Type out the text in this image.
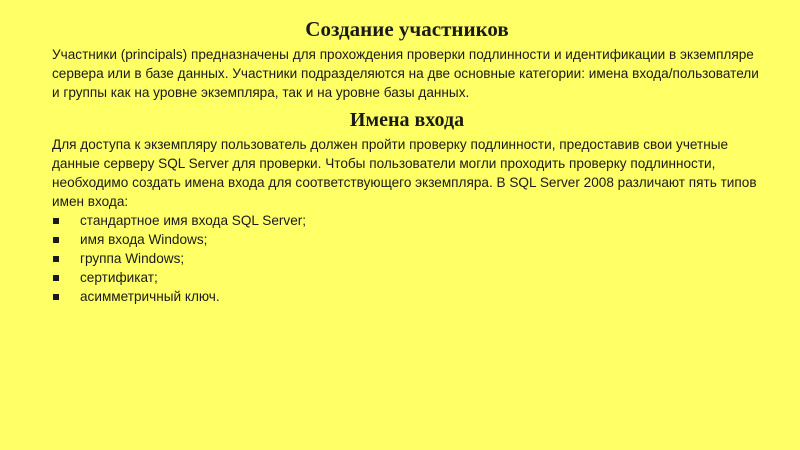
Создание участников

Участники (principals) предназначены для прохождения проверки подлинности и идентификации в экземпляре сервера или в базе данных. Участники подразделяются на две основные категории: имена входа/пользователи и группы как на уровне экземпляра, так и на уровне базы данных.

Имена входа

Для доступа к экземпляру пользователь должен пройти проверку подлинности, предоставив свои учетные данные серверу SQL Server для проверки. Чтобы пользователи могли проходить проверку подлинности, необходимо создать имена входа для соответствующего экземпляра. В SQL Server 2008 различают пять типов имен входа:

стандартное имя входа SQL Server;
имя входа Windows;
группа Windows;
сертификат;
асимметричный ключ.
